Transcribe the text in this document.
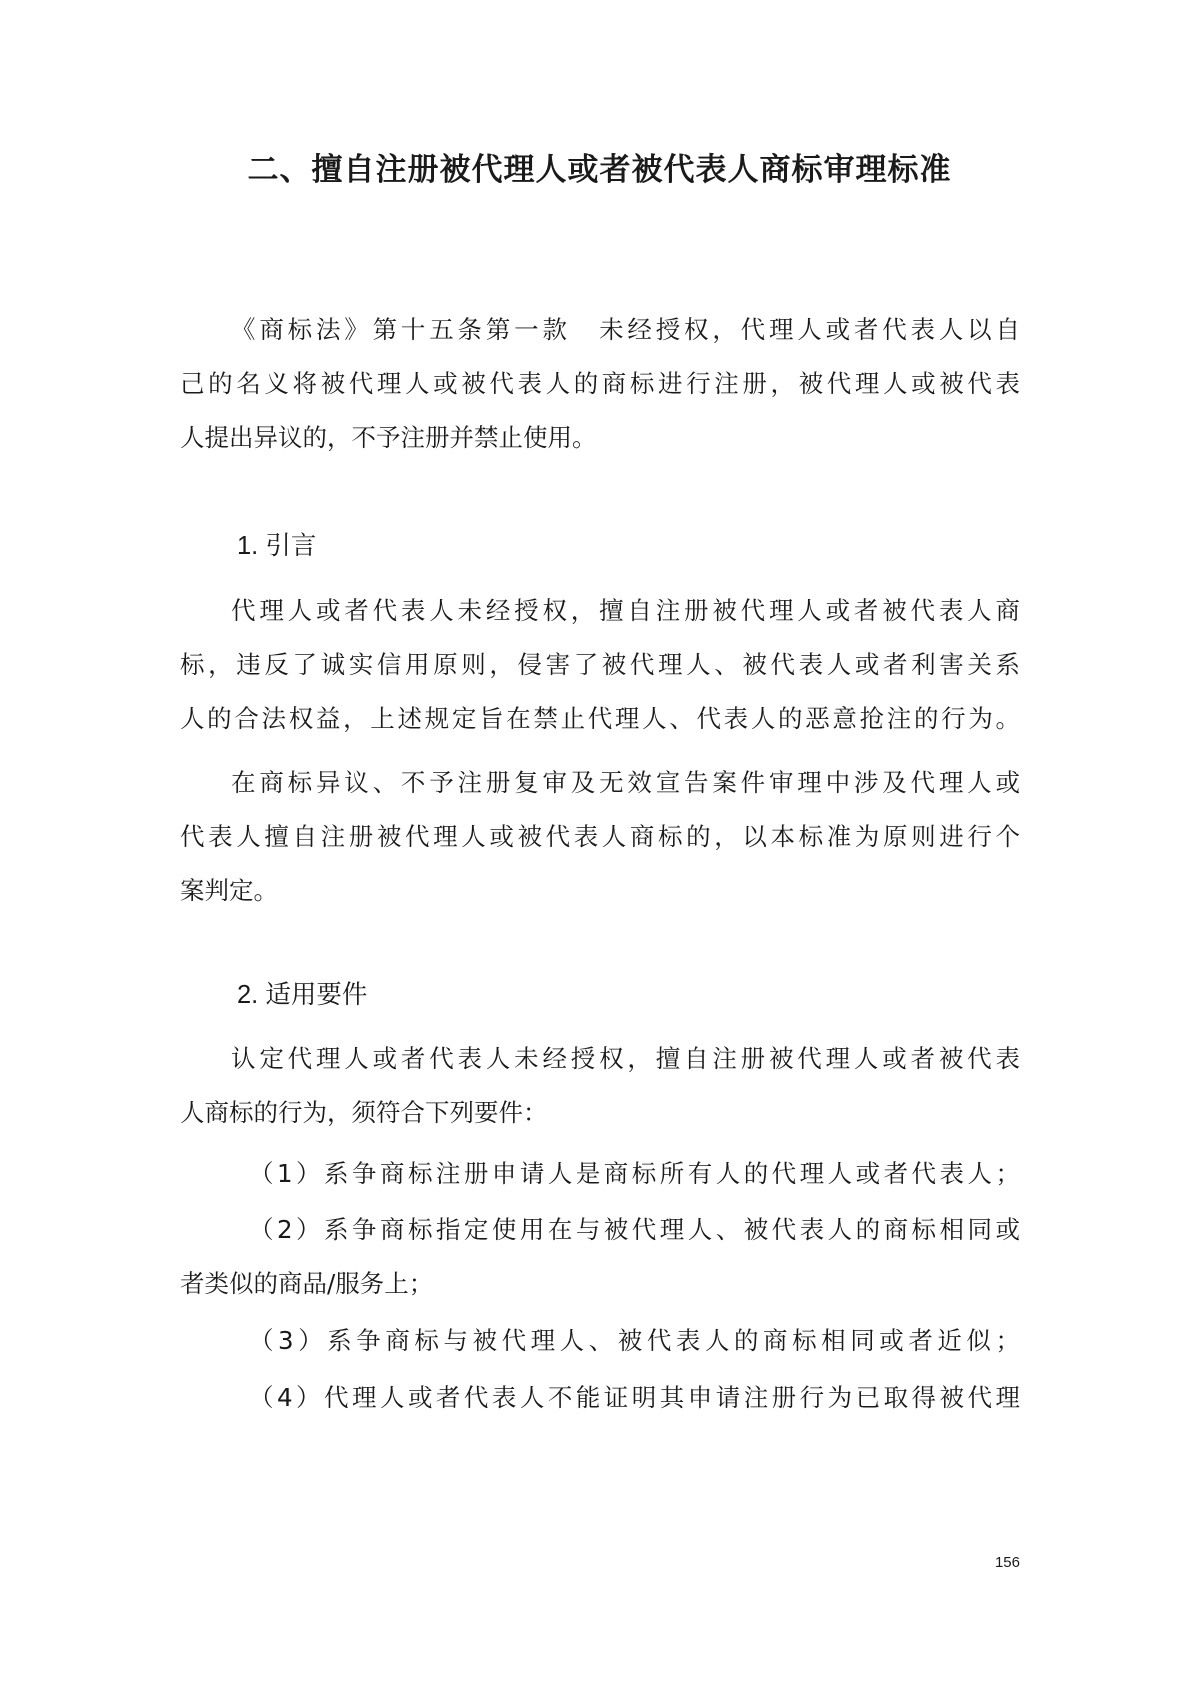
二、擅自注册被代理人或者被代表人商标审理标准

《商标法》第十五条第一款　未经授权，代理人或者代表人以自

己的名义将被代理人或被代表人的商标进行注册，被代理人或被代表

人提出异议的，不予注册并禁止使用。

1. 引言

代理人或者代表人未经授权，擅自注册被代理人或者被代表人商

标，违反了诚实信用原则，侵害了被代理人、被代表人或者利害关系

人的合法权益，上述规定旨在禁止代理人、代表人的恶意抢注的行为。

在商标异议、不予注册复审及无效宣告案件审理中涉及代理人或

代表人擅自注册被代理人或被代表人商标的，以本标准为原则进行个

案判定。

2. 适用要件

认定代理人或者代表人未经授权，擅自注册被代理人或者被代表

人商标的行为，须符合下列要件：

（1）系争商标注册申请人是商标所有人的代理人或者代表人；

（2）系争商标指定使用在与被代理人、被代表人的商标相同或

者类似的商品/服务上；

（3）系争商标与被代理人、被代表人的商标相同或者近似；

（4）代理人或者代表人不能证明其申请注册行为已取得被代理

156
